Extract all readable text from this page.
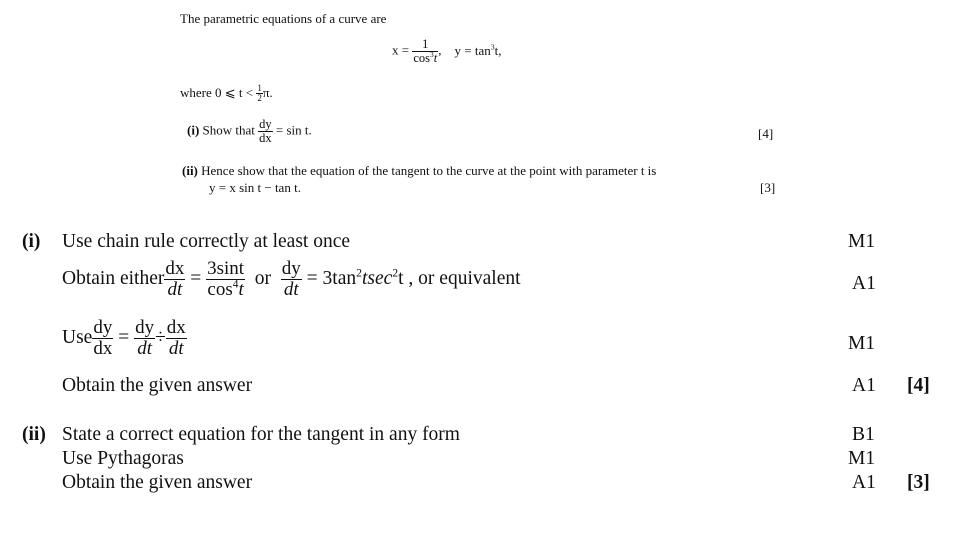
The parametric equations of a curve are
$x = \frac{1}{\cos^3t}$ , $y = \tan^3t$,
where 0 ⩽ $t < \frac{1}{2} \pi$.
(i) Show that $\frac{dy}{dx} = \sin t$.	[4]
(ii) Hence show that the equation of the tangent to the curve at the point with parameter t is
y = x sin t − tan t.	[3]
(i) Use chain rule correctly at least once	M1
Obtain either $\frac{dx}{dt} = \frac{3\sin t}{\cos^4t}$ or $\frac{dy}{dt} = 3\tan^2tsec^2t$ , or equivalent	A1
Use $\frac{dy}{dx} = \frac{dy}{dt} \div \frac{dx}{dt}$	M1
Obtain the given answer	A1 [4]
(ii) State a correct equation for the tangent in any form	B1
Use Pythagoras	M1
Obtain the given answer	A1 [3]
